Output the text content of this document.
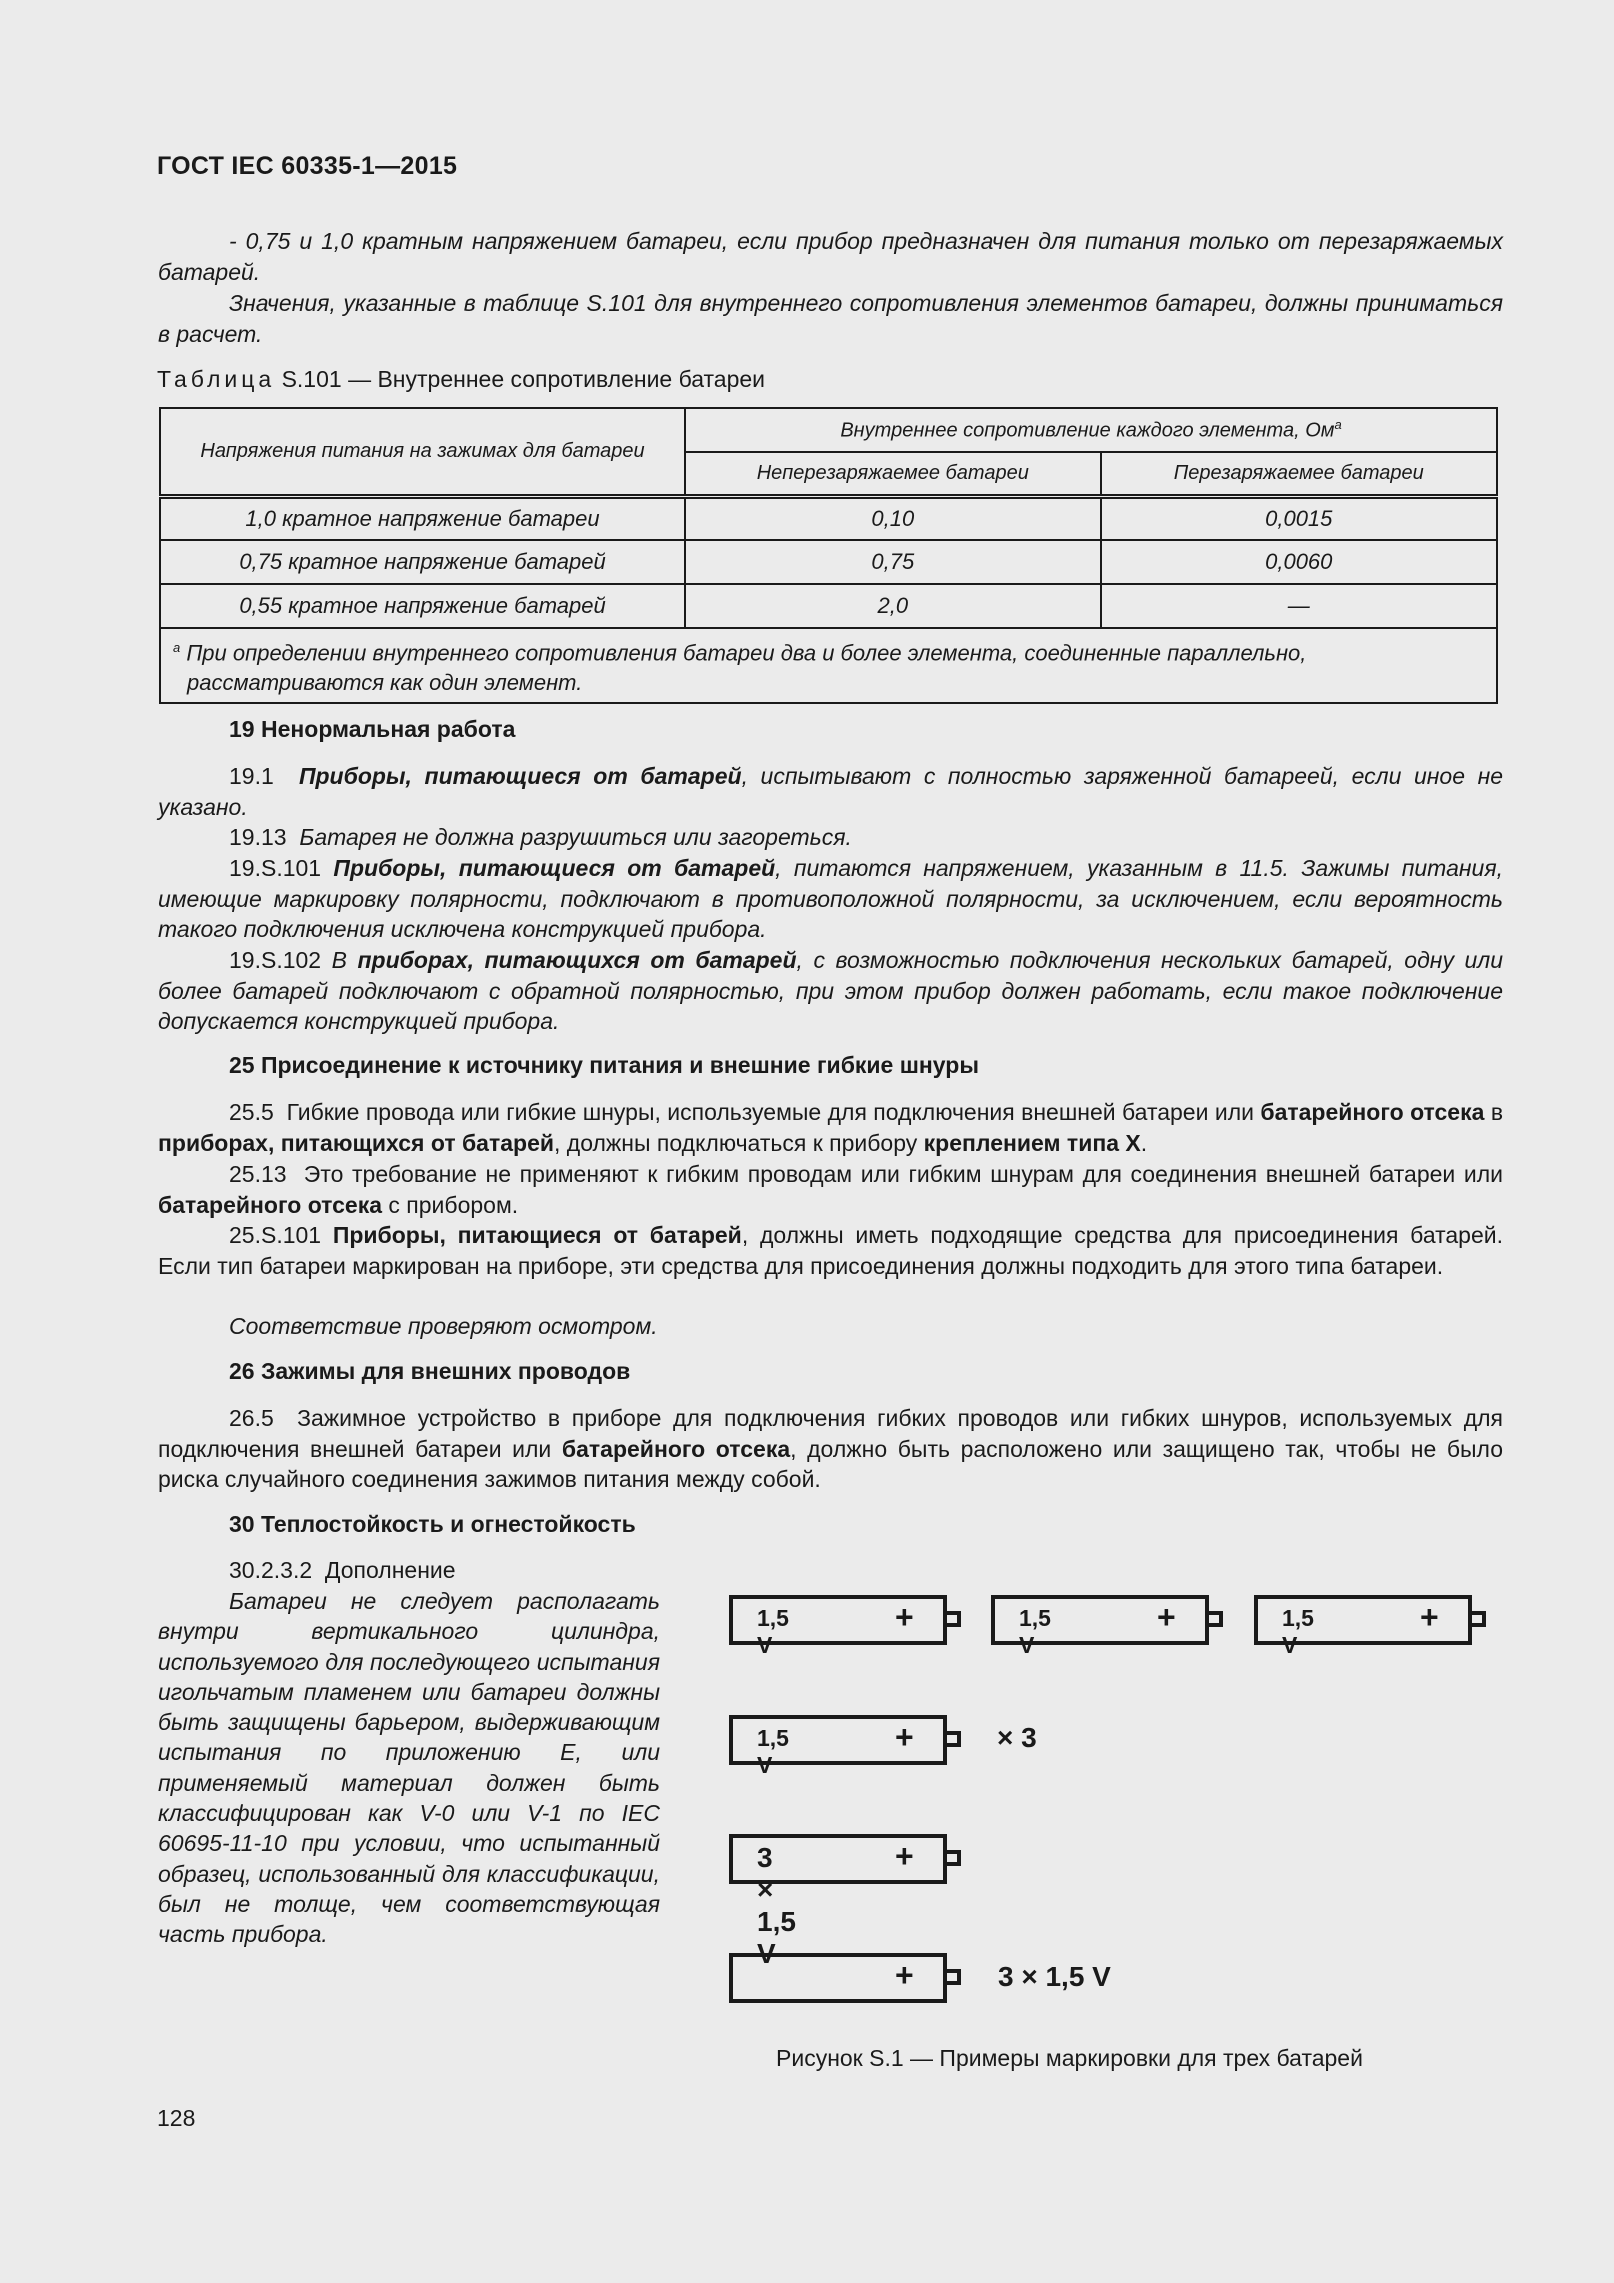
ГОСТ IEC 60335-1—2015
- 0,75 и 1,0 кратным напряжением батареи, если прибор предназначен для питания только от перезаряжаемых батарей.
Значения, указанные в таблице S.101 для внутреннего сопротивления элементов батареи, должны приниматься в расчет.
Таблица S.101 — Внутреннее сопротивление батареи
Напряжения питания на зажимах для батареи	Внутреннее сопротивление каждого элемента, $Ом^a$
	Неперезаряжаемее батареи	Перезаряжаемее батареи
1,0 кратное напряжение батареи	0,10	0,0015
0,75 кратное напряжение батарей	0,75	0,0060
0,55 кратное напряжение батарей	2,0	—
$^a$ При определении внутреннего сопротивления батареи два и более элемента, соединенные параллельно, рассматриваются как один элемент.		
19 Ненормальная работа
19.1 Приборы, питающиеся от батарей, испытывают с полностью заряженной батареей, если иное не указано.
19.13 Батарея не должна разрушиться или загореться.
19.S.101 Приборы, питающиеся от батарей, питаются напряжением, указанным в 11.5. Зажимы питания, имеющие маркировку полярности, подключают в противоположной полярности, за исключением, если вероятность такого подключения исключена конструкцией прибора.
19.S.102 В приборах, питающихся от батарей, с возможностью подключения нескольких батарей, одну или более батарей подключают с обратной полярностью, при этом прибор должен работать, если такое подключение допускается конструкцией прибора.
25 Присоединение к источнику питания и внешние гибкие шнуры
25.5 Гибкие провода или гибкие шнуры, используемые для подключения внешней батареи или батарейного отсека в приборах, питающихся от батарей, должны подключаться к прибору креплением типа X.
25.13 Это требование не применяют к гибким проводам или гибким шнурам для соединения внешней батареи или батарейного отсека с прибором.
25.S.101 Приборы, питающиеся от батарей, должны иметь подходящие средства для присоединения батарей. Если тип батареи маркирован на приборе, эти средства для присоединения должны подходить для этого типа батареи.
Соответствие проверяют осмотром.
26 Зажимы для внешних проводов
26.5 Зажимное устройство в приборе для подключения гибких проводов или гибких шнуров, используемых для подключения внешней батареи или батарейного отсека, должно быть расположено или защищено так, чтобы не было риска случайного соединения зажимов питания между собой.
30 Теплостойкость и огнестойкость
30.2.3.2 Дополнение
Батареи не следует располагать внутри вертикального цилиндра, используемого для последующего испытания игольчатым пламенем или батареи должны быть защищены барьером, выдерживающим испытания по приложению Е, или применяемый материал должен быть классифицирован как V-0 или V-1 по IEC 60695-11-10 при условии, что испытанный образец, использованный для классификации, был не толще, чем соответствующая часть прибора.
1,5 V
+	1,5 V
+	1,5 V
+
1,5 V
+	× 3
3 × 1,5 V
+
+	3 × 1,5 V
Рисунок S.1 — Примеры маркировки для трех батарей
128
